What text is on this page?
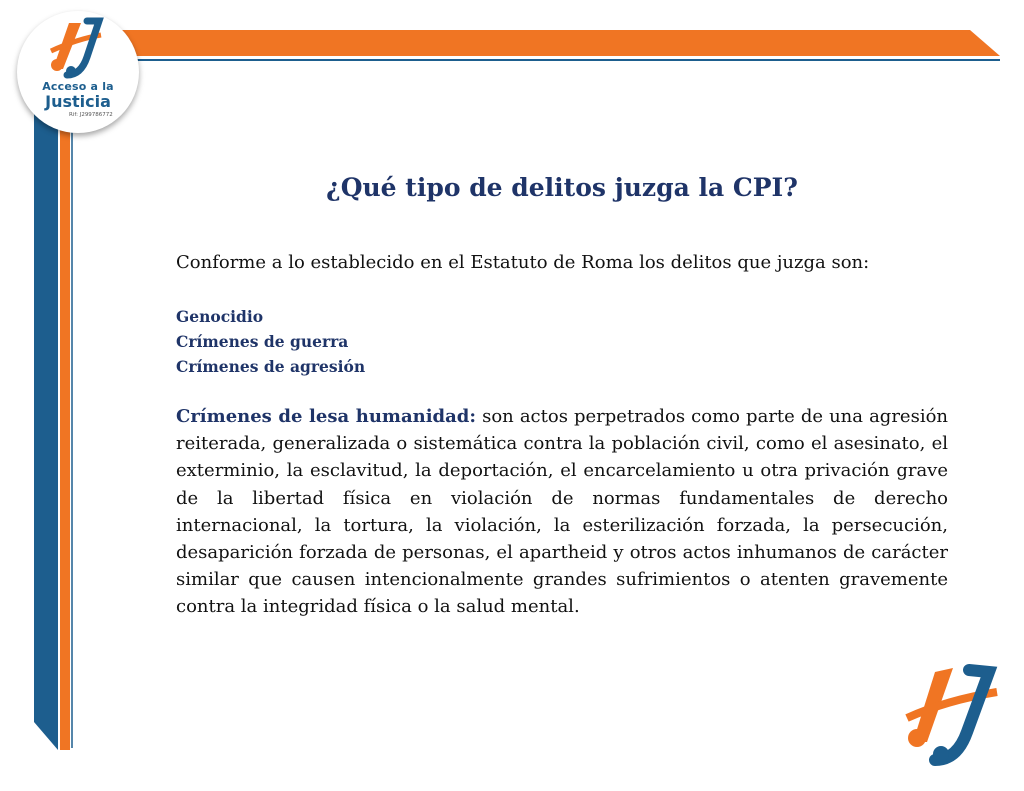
Acceso a la
Justicia
Rif: J299786772
¿Qué tipo de delitos juzga la CPI?

Conforme a lo establecido en el Estatuto de Roma los delitos que juzga son:

Genocidio
Crímenes de guerra
Crímenes de agresión

Crímenes de lesa humanidad: son actos perpetrados como parte de una agresión reiterada, generalizada o sistemática contra la población civil, como el asesinato, el exterminio, la esclavitud, la deportación, el encarcelamiento u otra privación grave de la libertad física en violación de normas fundamentales de derecho internacional, la tortura, la violación, la esterilización forzada, la persecución, desaparición forzada de personas, el apartheid y otros actos inhumanos de carácter similar que causen intencionalmente grandes sufrimientos o atenten gravemente contra la integridad física o la salud mental.
